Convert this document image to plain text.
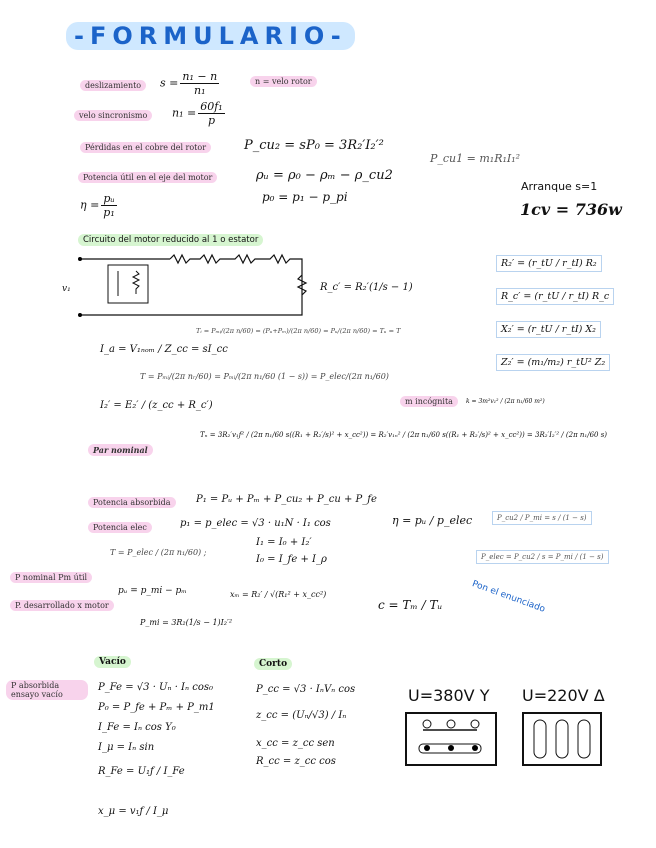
-FORMULARIO-
deslizamiento	$s = \frac{\text{n₁ − n}}{\text{n₁}}$	n = velo rotor
velo sincronismo	$n_1 = \frac{\text{60f₁}}{p}$
Pérdidas en el cobre del rotor	P_cu₂ = sP₀ = 3R₂′I₂′²
Potencia útil en el eje del motor	ρᵤ = ρ₀ − ρₘ − ρ_cu2
p₀ = p₁ − p_pi
P_cu1 = m₁R₁I₁²
$\eta = \frac{\text{pᵤ}}{\text{p₁}}$
Arranque s=1
1cv = 736w
Circuito del motor reducido al 1 o estator
v₁	R_c′ = R₂′(1/s − 1)
R₂′ = (r_tU / r_tI) R₂
R_c′ = (r_tU / r_tI) R_c
X₂′ = (r_tU / r_tI) X₂
Z₂′ = (m₁/m₂) r_tU² Z₂
Tᵢ = Pₘᵢ/(2π n/60) = (Pᵤ+Pₘ)/(2π n/60) = Pᵤ/(2π n/60) = Tᵤ = T
I_a = V₁ₙₒₘ / Z_cc = sI_cc
I₂′ = E₂′ / (z_cc + R_c′)
T = Pₘᵢ/(2π nᵣ/60) = Pₘᵢ/(2π n₁/60 (1 − s)) = P_elec/(2π n₁/60)
m incógnita	k = 3m²v₁² / (2π n₁/60 m²)
Par nominal
Tₙ = 3R₂′v₁ƒ² / (2π n₁/60 s((R₁ + R₂′/s)² + x_cc²)) = R₂′v₁ₙ² / (2π n₁/60 s((R₁ + R₂′/s)² + x_cc²)) = 3R₂′I₂′² / (2π n₁/60 s)
Potencia absorbida	P₁ = Pᵤ + Pₘ + P_cu₂ + P_cu + P_fe
Potencia elec	p₁ = p_elec = √3 · u₁N · I₁ cos
I₁ = I₀ + I₂′
I₀ = I_fe + I_ρ
T = P_elec / (2π n₁/60) ;
η = pᵤ / p_elec	P_cu2 / P_mi = s / (1 − s)
P_elec = P_cu2 / s = P_mi / (1 − s)
P nominal Pm útil
P. desarrollado x motor
pᵤ = p_mi − pₘ
P_mi = 3R₂(1/s − 1)I₂′²
xₘ = R₂′ / √(R₁² + x_cc²)
c = Tₘ / Tᵤ	Pon el enunciado
Vacío
P absorbida ensayo vacío
P_Fe = √3 · Uₙ · Iₙ cos₀
P₀ = P_fe + Pₘ + P_m1
I_Fe = Iₙ cos Y₀
I_μ = Iₙ sin
R_Fe = U₁ƒ / I_Fe
x_μ = v₁ƒ / I_μ
Corto
P_cc = √3 · IₙVₙ cos
z_cc = (Uₙ/√3) / Iₙ
x_cc = z_cc sen
R_cc = z_cc cos
U=380V Y U=220V Δ
